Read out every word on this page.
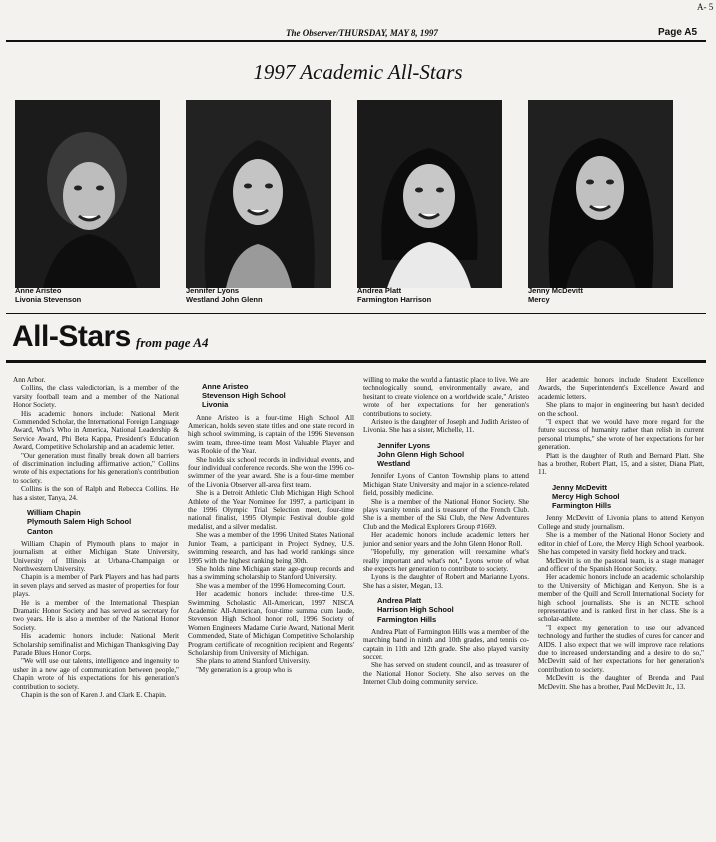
A- 5
The Observer/THURSDAY, MAY 8, 1997	Page A5
1997 Academic All-Stars
Anne Aristeo
Livonia Stevenson
Jennifer Lyons
Westland John Glenn
Andrea Platt
Farmington Harrison
Jenny McDevitt
Mercy
All-Stars from page A4

Ann Arbor.

Collins, the class valedictorian, is a member of the varsity football team and a member of the National Honor Society.

His academic honors include: National Merit Commended Scholar, the International Foreign Language Award, Who's Who in America, National Leadership & Service Award, Phi Beta Kappa, President's Education Award, Competitive Scholarship and an academic letter.

"Our generation must finally break down all barriers of discrimination including affirmative action," Collins wrote of his expectations for his generation's contribution to society.

Collins is the son of Ralph and Rebecca Collins. He has a sister, Tanya, 24.

William Chapin
Plymouth Salem High School
Canton

William Chapin of Plymouth plans to major in journalism at either Michigan State University, University of Illinois at Urbana-Champaign or Northwestern University.

Chapin is a member of Park Players and has had parts in seven plays and served as master of properties for four plays.

He is a member of the International Thespian Dramatic Honor Society and has served as secretary for two years. He is also a member of the National Honor Society.

His academic honors include: National Merit Scholarship semifinalist and Michigan Thanksgiving Day Parade Blues Honor Corps.

"We will use our talents, intelligence and ingenuity to usher in a new age of communication between people," Chapin wrote of his expectations for his generation's contribution to society.

Chapin is the son of Karen J. and Clark E. Chapin.

Anne Aristeo
Stevenson High School
Livonia

Anne Aristeo is a four-time High School All American, holds seven state titles and one state record in high school swimming, is captain of the 1996 Stevenson swim team, three-time team Most Valuable Player and was Rookie of the Year.

She holds six school records in individual events, and four individual conference records. She won the 1996 co-swimmer of the year award. She is a four-time member of the Livonia Observer all-area first team.

She is a Detroit Athletic Club Michigan High School Athlete of the Year Nominee for 1997, a participant in the 1996 Olympic Trial Selection meet, four-time national finalist, 1995 Olympic Festival double gold medalist, and a silver medalist.

She was a member of the 1996 United States National Junior Team, a participant in Project Sydney, U.S. swimming research, and has had world rankings since 1995 with the highest ranking being 30th.

She holds nine Michigan state age-group records and has a swimming scholarship to Stanford University.

She was a member of the 1996 Homecoming Court.

Her academic honors include: three-time U.S. Swimming Scholastic All-American, 1997 NISCA Academic All-American, four-time summa cum laude, Stevenson High School honor roll, 1996 Society of Women Engineers Madame Curie Award, National Merit Commended, State of Michigan Competitive Scholarship Program certificate of recognition recipient and Regents' Scholarship from University of Michigan.

She plans to attend Stanford University.

"My generation is a group who is

willing to make the world a fantastic place to live. We are technologically sound, environmentally aware, and hesitant to create violence on a worldwide scale," Aristeo wrote of her expectations for her generation's contributions to society.

Aristeo is the daughter of Joseph and Judith Aristeo of Livonia. She has a sister, Michelle, 11.

Jennifer Lyons
John Glenn High School
Westland

Jennifer Lyons of Canton Township plans to attend Michigan State University and major in a science-related field, possibly medicine.

She is a member of the National Honor Society. She plays varsity tennis and is treasurer of the French Club. She is a member of the Ski Club, the New Adventures Club and the Medical Explorers Group #1669.

Her academic honors include academic letters her junior and senior years and the John Glenn Honor Roll.

"Hopefully, my generation will reexamine what's really important and what's not," Lyons wrote of what she expects her generation to contribute to society.

Lyons is the daughter of Robert and Marianne Lyons. She has a sister, Megan, 13.

Andrea Platt
Harrison High School
Farmington Hills

Andrea Platt of Farmington Hills was a member of the marching band in ninth and 10th grades, and tennis co-captain in 11th and 12th grade. She also played varsity soccer.

She has served on student council, and as treasurer of the National Honor Society. She also serves on the Internet Club doing community service.

Her academic honors include Student Excellence Awards, the Superintendent's Excellence Award and academic letters.

She plans to major in engineering but hasn't decided on the school.

"I expect that we would have more regard for the future success of humanity rather than relish in current personal triumphs," she wrote of her expectations for her generation.

Platt is the daughter of Ruth and Bernard Platt. She has a brother, Robert Platt, 15, and a sister, Diana Platt, 11.

Jenny McDevitt
Mercy High School
Farmington Hills

Jenny McDevitt of Livonia plans to attend Kenyon College and study journalism.

She is a member of the National Honor Society and editor in chief of Lore, the Mercy High School yearbook. She has competed in varsity field hockey and track.

McDevitt is on the pastoral team, is a stage manager and officer of the Spanish Honor Society.

Her academic honors include an academic scholarship to the University of Michigan and Kenyon. She is a member of the Quill and Scroll International Society for high school journalists. She is an NCTE school representative and is ranked first in her class. She is a scholar-athlete.

"I expect my generation to use our advanced technology and further the studies of cures for cancer and AIDS. I also expect that we will improve race relations due to increased understanding and a desire to do so," McDevitt said of her expectations for her generation's contribution to society.

McDevitt is the daughter of Brenda and Paul McDevitt. She has a brother, Paul McDevitt Jr., 13.
